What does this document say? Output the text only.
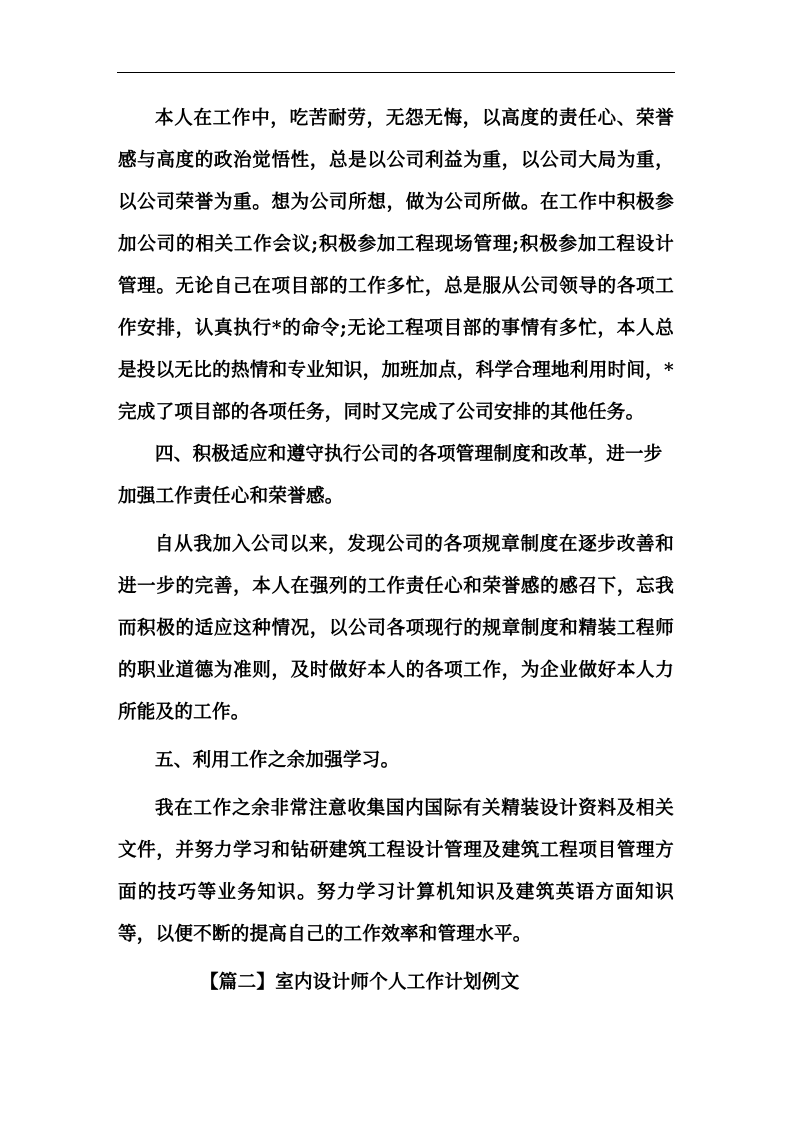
本人在工作中，吃苦耐劳，无怨无悔，以高度的责任心、荣誉感与高度的政治觉悟性，总是以公司利益为重，以公司大局为重，以公司荣誉为重。想为公司所想，做为公司所做。在工作中积极参加公司的相关工作会议;积极参加工程现场管理;积极参加工程设计管理。无论自己在项目部的工作多忙，总是服从公司领导的各项工作安排，认真执行*的命令;无论工程项目部的事情有多忙，本人总是投以无比的热情和专业知识，加班加点，科学合理地利用时间，*完成了项目部的各项任务，同时又完成了公司安排的其他任务。

四、积极适应和遵守执行公司的各项管理制度和改革，进一步加强工作责任心和荣誉感。

自从我加入公司以来，发现公司的各项规章制度在逐步改善和进一步的完善，本人在强列的工作责任心和荣誉感的感召下，忘我而积极的适应这种情况，以公司各项现行的规章制度和精装工程师的职业道德为准则，及时做好本人的各项工作，为企业做好本人力所能及的工作。

五、利用工作之余加强学习。

我在工作之余非常注意收集国内国际有关精装设计资料及相关文件，并努力学习和钻研建筑工程设计管理及建筑工程项目管理方面的技巧等业务知识。努力学习计算机知识及建筑英语方面知识等，以便不断的提高自己的工作效率和管理水平。

【篇二】室内设计师个人工作计划例文
